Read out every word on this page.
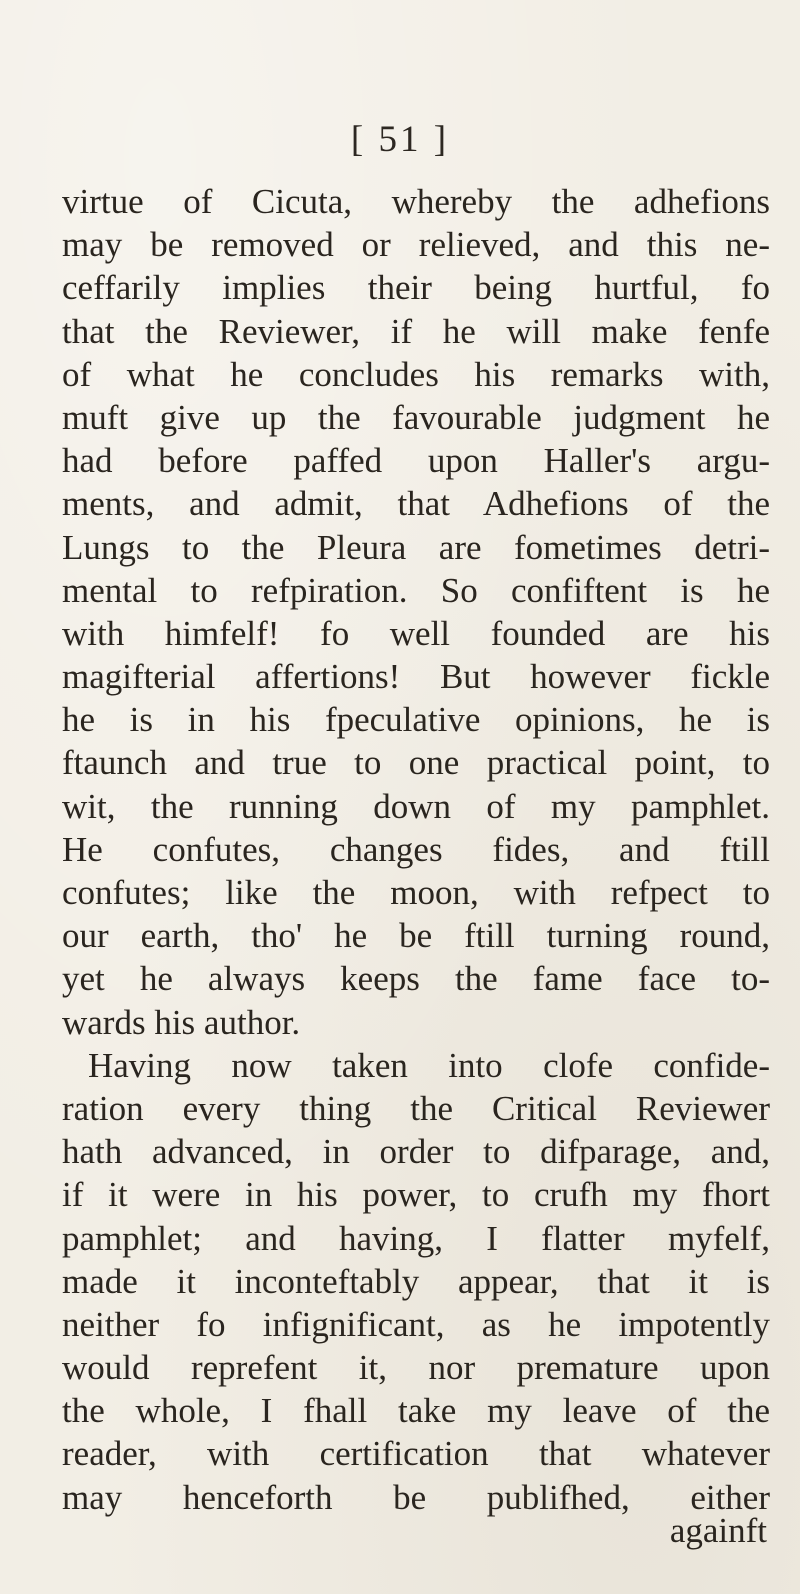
[ 51 ]
virtue of Cicuta, whereby the adhefions
may be removed or relieved, and this ne-
ceffarily implies their being hurtful, fo
that the Reviewer, if he will make fenfe
of what he concludes his remarks with,
muft give up the favourable judgment he
had before paffed upon Haller's argu-
ments, and admit, that Adhefions of the
Lungs to the Pleura are fometimes detri-
mental to refpiration. So confiftent is he
with himfelf! fo well founded are his
magifterial affertions! But however fickle
he is in his fpeculative opinions, he is
ftaunch and true to one practical point, to
wit, the running down of my pamphlet.
He confutes, changes fides, and ftill
confutes; like the moon, with refpect to
our earth, tho' he be ftill turning round,
yet he always keeps the fame face to-
wards his author.
Having now taken into clofe confide-
ration every thing the Critical Reviewer
hath advanced, in order to difparage, and,
if it were in his power, to crufh my fhort
pamphlet; and having, I flatter myfelf,
made it inconteftably appear, that it is
neither fo infignificant, as he impotently
would reprefent it, nor premature upon
the whole, I fhall take my leave of the
reader, with certification that whatever
may henceforth be publifhed, either
againft
